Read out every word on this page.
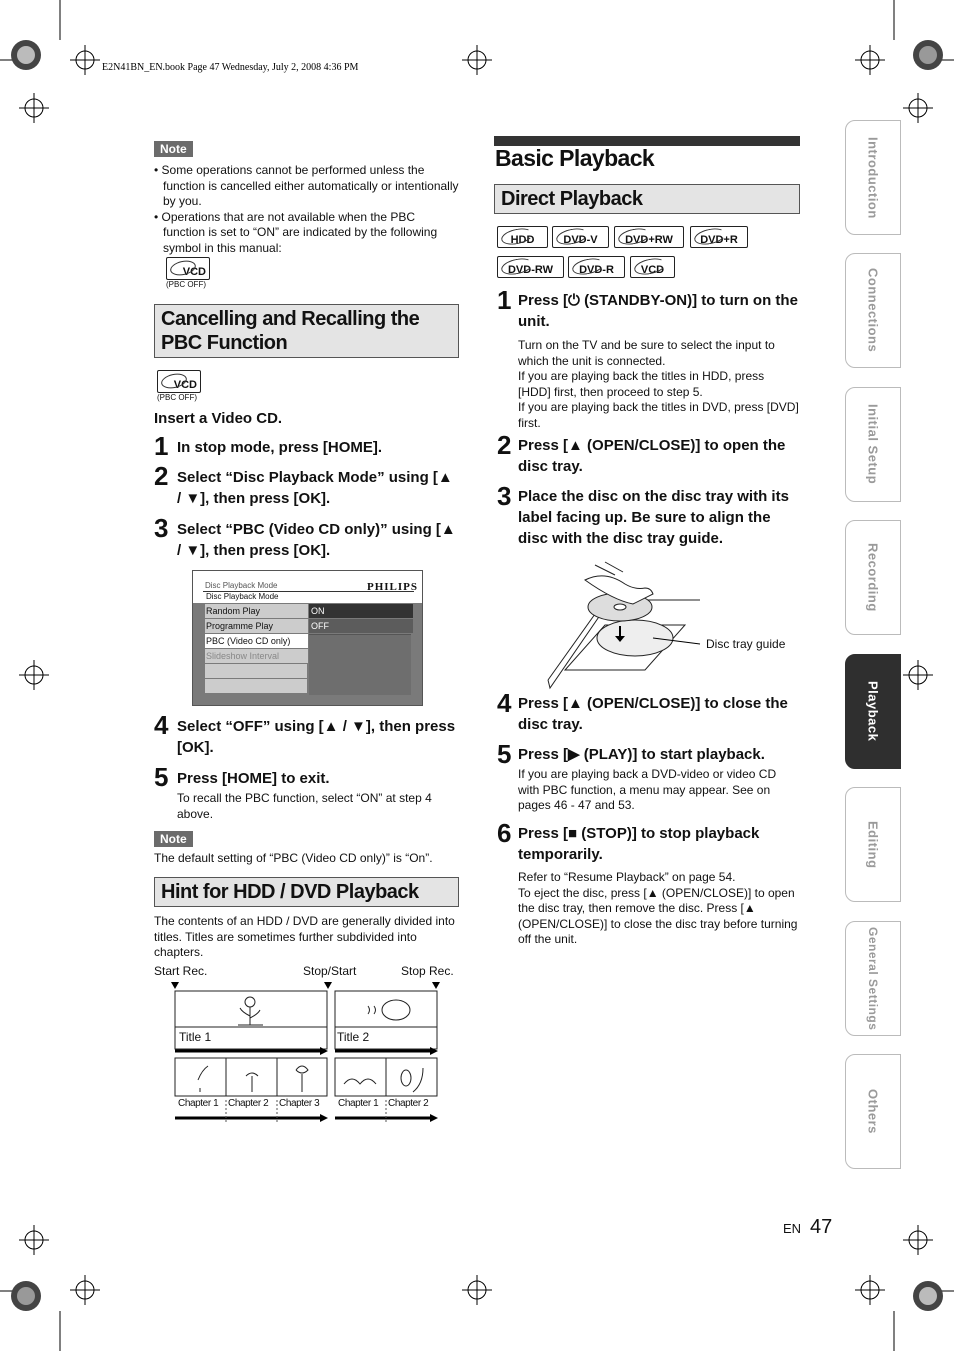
E2N41BN_EN.book Page 47 Wednesday, July 2, 2008 4:36 PM
Note
• Some operations cannot be performed unless the function is cancelled either automatically or intentionally by you.
• Operations that are not available when the PBC function is set to “ON” are indicated by the following symbol in this manual:
VCD
(PBC OFF)
Cancelling and Recalling the PBC Function
VCD
(PBC OFF)
Insert a Video CD.
1 In stop mode, press [HOME].
2 Select “Disc Playback Mode” using [▲ / ▼], then press [OK].
3 Select “PBC (Video CD only)” using [▲ / ▼], then press [OK].
Disc Playback Mode	PHILIPS
Disc Playback Mode
Random Play
Programme Play
PBC (Video CD only)
Slideshow Interval
ON
OFF
4 Select “OFF” using [▲ / ▼], then press [OK].
5 Press [HOME] to exit.
To recall the PBC function, select “ON” at step 4 above.
Note
The default setting of “PBC (Video CD only)” is “On”.
Hint for HDD / DVD Playback
The contents of an HDD / DVD are generally divided into titles. Titles are sometimes further subdivided into chapters.
Start Rec.	Stop/Start	Stop Rec.
Title 1	Title 2
Chapter 1 Chapter 2 Chapter 3 Chapter 1 Chapter 2
Basic Playback
Direct Playback
HDD	DVD-V	DVD+RW DVD+R
DVD-RW DVD-R VCD
1 Press [⏻ (STANDBY-ON)] to turn on the unit.
Turn on the TV and be sure to select the input to which the unit is connected.
If you are playing back the titles in HDD, press [HDD] first, then proceed to step 5.
If you are playing back the titles in DVD, press [DVD] first.
2 Press [▲ (OPEN/CLOSE)] to open the disc tray.
3 Place the disc on the disc tray with its label facing up. Be sure to align the disc with the disc tray guide.
Disc tray guide
4 Press [▲ (OPEN/CLOSE)] to close the disc tray.
5 Press [▶ (PLAY)] to start playback.
If you are playing back a DVD-video or video CD with PBC function, a menu may appear. See on pages 46 - 47 and 53.
6 Press [■ (STOP)] to stop playback temporarily.
Refer to “Resume Playback” on page 54.
To eject the disc, press [▲ (OPEN/CLOSE)] to open the disc tray, then remove the disc. Press [▲ (OPEN/CLOSE)] to close the disc tray before turning off the unit.
Introduction
Connections
Initial Setup
Recording
Playback
Editing
General Settings
Others
EN 47
